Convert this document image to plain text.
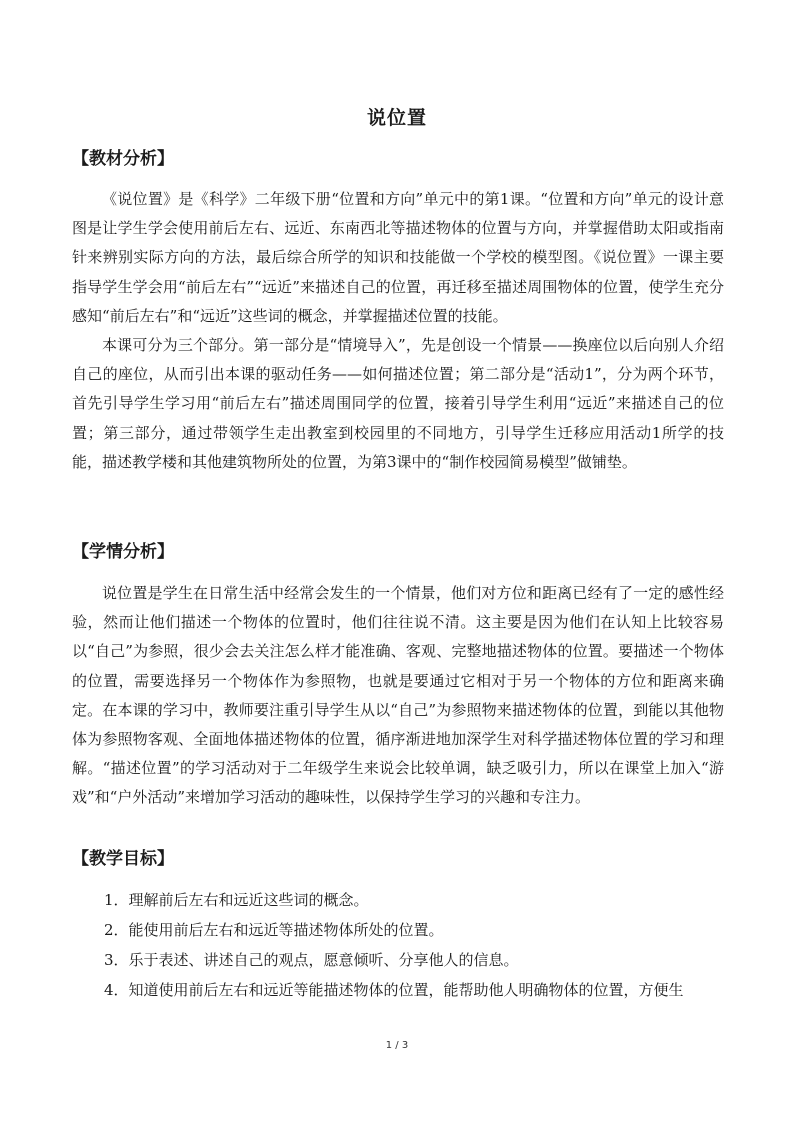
说位置
【教材分析】

《说位置》是《科学》二年级下册“位置和方向”单元中的第1课。“位置和方向”单元的设计意图是让学生学会使用前后左右、远近、东南西北等描述物体的位置与方向，并掌握借助太阳或指南针来辨别实际方向的方法，最后综合所学的知识和技能做一个学校的模型图。《说位置》一课主要指导学生学会用“前后左右”“远近”来描述自己的位置，再迁移至描述周围物体的位置，使学生充分感知“前后左右”和“远近”这些词的概念，并掌握描述位置的技能。

本课可分为三个部分。第一部分是“情境导入”，先是创设一个情景——换座位以后向别人介绍自己的座位，从而引出本课的驱动任务——如何描述位置；第二部分是“活动1”，分为两个环节，首先引导学生学习用“前后左右”描述周围同学的位置，接着引导学生利用“远近”来描述自己的位置；第三部分，通过带领学生走出教室到校园里的不同地方，引导学生迁移应用活动1所学的技能，描述教学楼和其他建筑物所处的位置，为第3课中的“制作校园简易模型”做铺垫。

【学情分析】

说位置是学生在日常生活中经常会发生的一个情景，他们对方位和距离已经有了一定的感性经验，然而让他们描述一个物体的位置时，他们往往说不清。这主要是因为他们在认知上比较容易以“自己”为参照，很少会去关注怎么样才能准确、客观、完整地描述物体的位置。要描述一个物体的位置，需要选择另一个物体作为参照物，也就是要通过它相对于另一个物体的方位和距离来确定。在本课的学习中，教师要注重引导学生从以“自己”为参照物来描述物体的位置，到能以其他物体为参照物客观、全面地体描述物体的位置，循序渐进地加深学生对科学描述物体位置的学习和理解。“描述位置”的学习活动对于二年级学生来说会比较单调，缺乏吸引力，所以在课堂上加入“游戏”和“户外活动”来增加学习活动的趣味性，以保持学生学习的兴趣和专注力。

【教学目标】
1．理解前后左右和远近这些词的概念。
2．能使用前后左右和远近等描述物体所处的位置。
3．乐于表述、讲述自己的观点，愿意倾听、分享他人的信息。
4．知道使用前后左右和远近等能描述物体的位置，能帮助他人明确物体的位置，方便生
1 / 3
